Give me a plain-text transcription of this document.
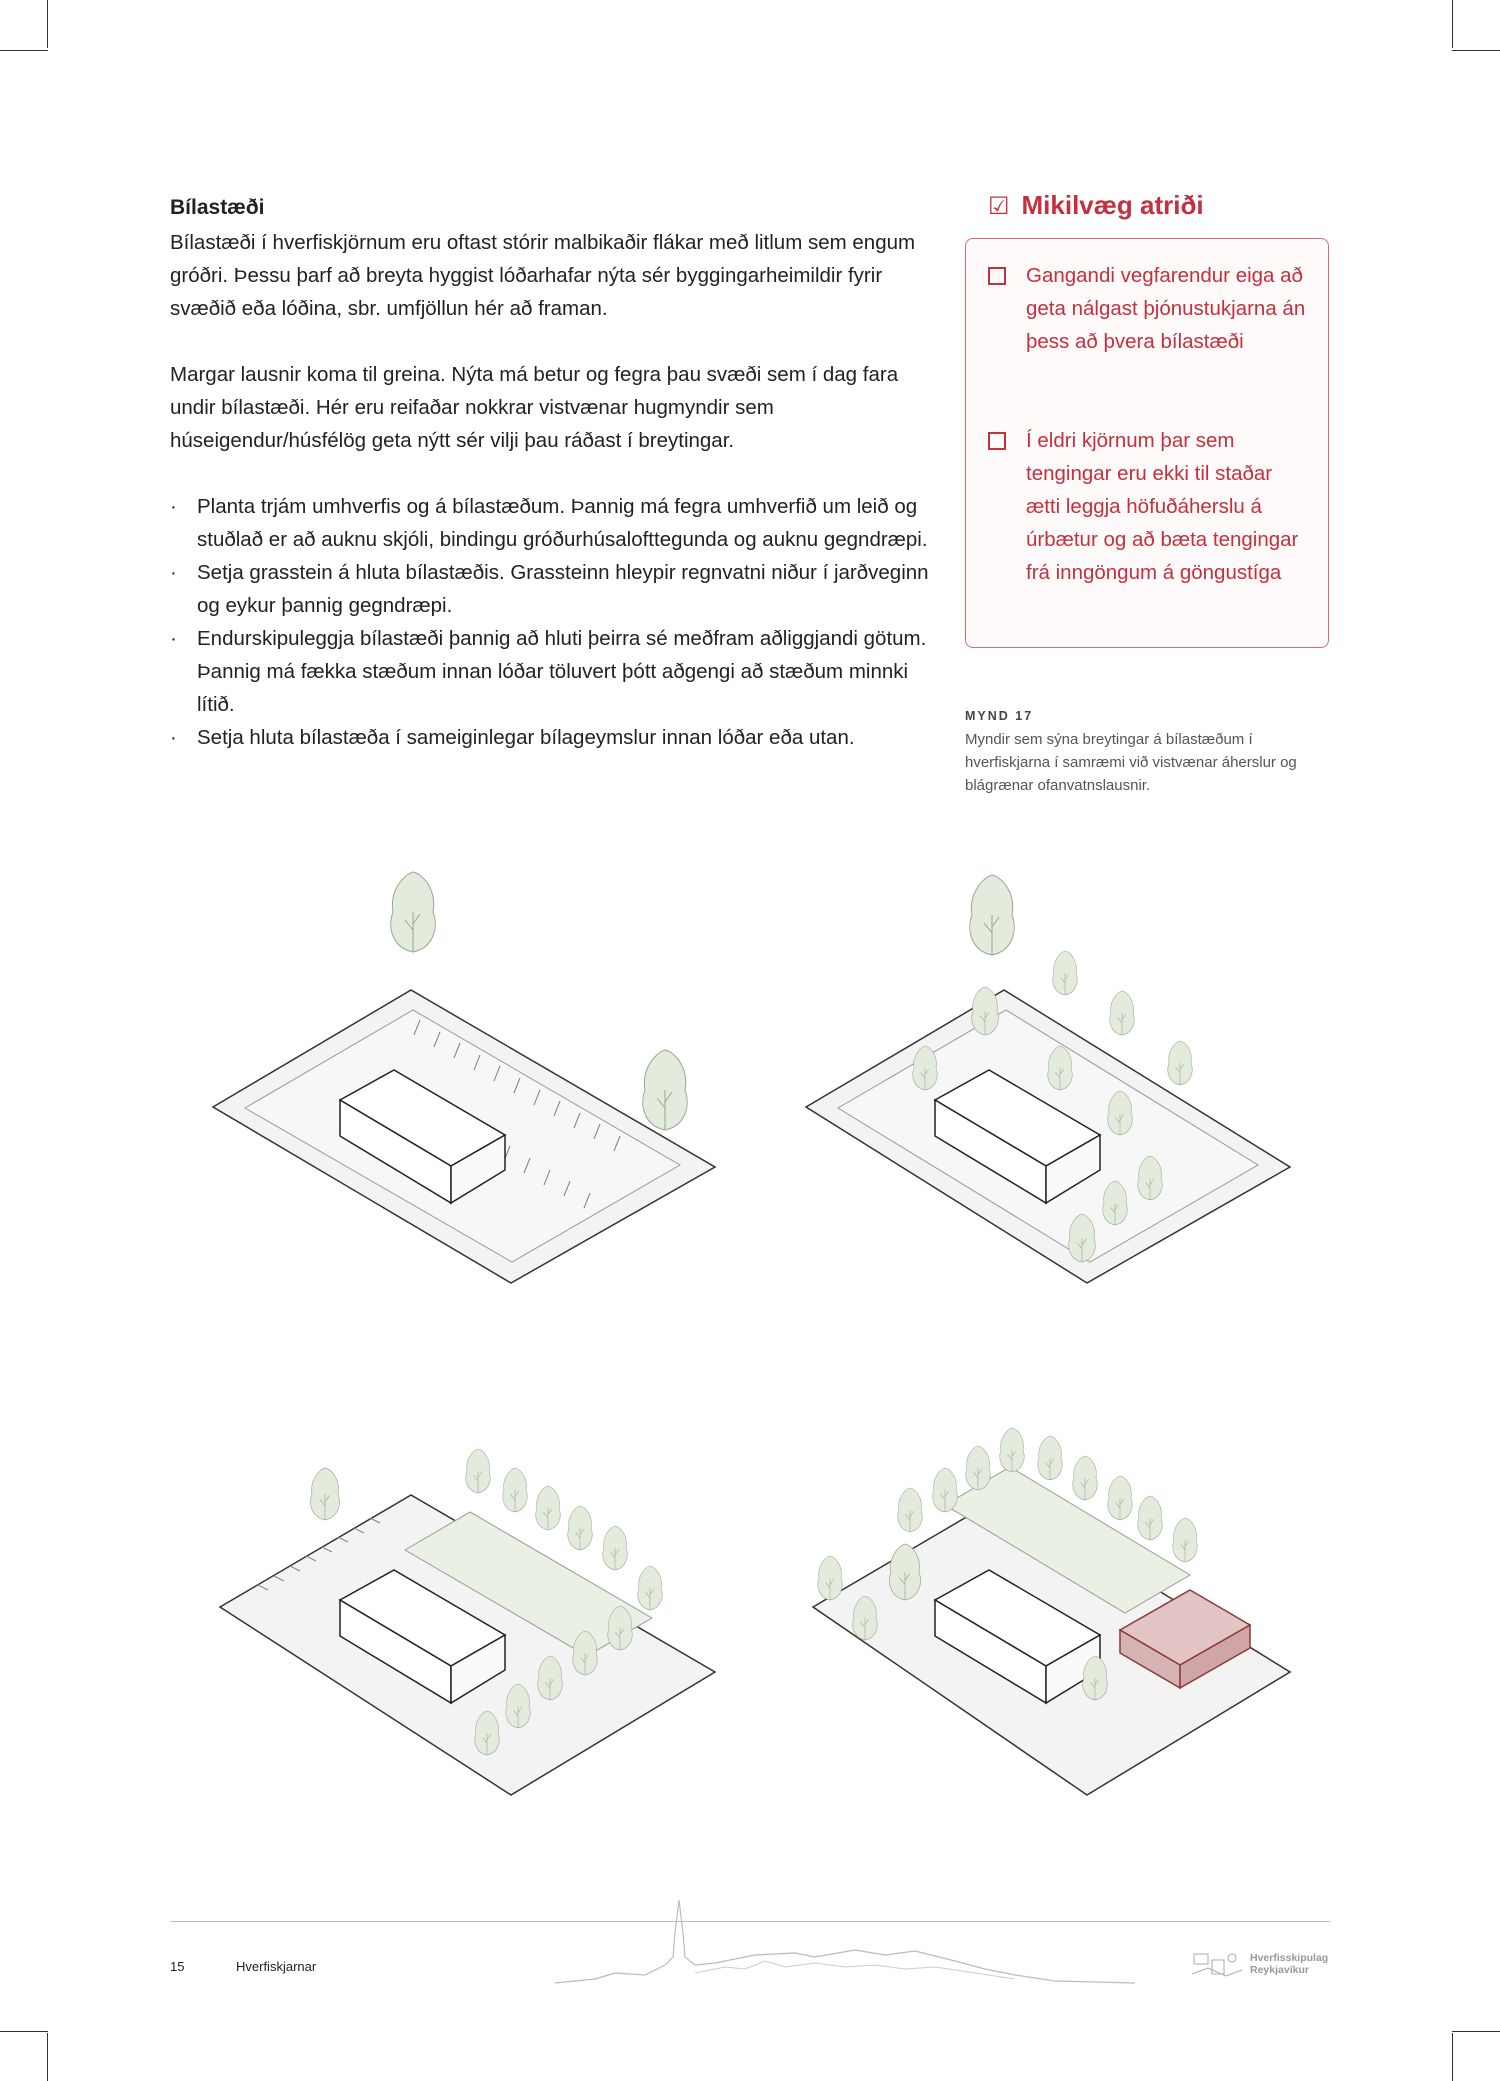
Bílastæði
Bílastæði í hverfiskjörnum eru oftast stórir malbikaðir flákar með litlum sem engum gróðri. Þessu þarf að breyta hyggist lóðarhafar nýta sér byggingarheimildir fyrir svæðið eða lóðina, sbr. umfjöllun hér að framan.
Margar lausnir koma til greina. Nýta má betur og fegra þau svæði sem í dag fara undir bílastæði. Hér eru reifaðar nokkrar vistvænar hugmyndir sem húseigendur/húsfélög geta nýtt sér vilji þau ráðast í breytingar.
· Planta trjám umhverfis og á bílastæðum. Þannig má fegra umhverfið um leið og stuðlað er að auknu skjóli, bindingu gróðurhúsalofttegunda og auknu gegndræpi.
· Setja grasstein á hluta bílastæðis. Grassteinn hleypir regnvatni niður í jarðveginn og eykur þannig gegndræpi.
· Endurskipuleggja bílastæði þannig að hluti þeirra sé meðfram aðliggjandi götum. Þannig má fækka stæðum innan lóðar töluvert þótt aðgengi að stæðum minnki lítið.
· Setja hluta bílastæða í sameiginlegar bílageymslur innan lóðar eða utan.
☑ Mikilvæg atriði
Gangandi vegfarendur eiga að geta nálgast þjónustukjarna án þess að þvera bílastæði
Í eldri kjörnum þar sem tengingar eru ekki til staðar ætti leggja höfuðáherslu á úrbætur og að bæta tengingar frá inngöngum á göngustíga
MYND 17
Myndir sem sýna breytingar á bílastæðum í hverfiskjarna í samræmi við vistvænar áherslur og blágrænar ofanvatnslausnir.
15	Hverfiskjarnar
Hverfisskipulag
Reykjavíkur
